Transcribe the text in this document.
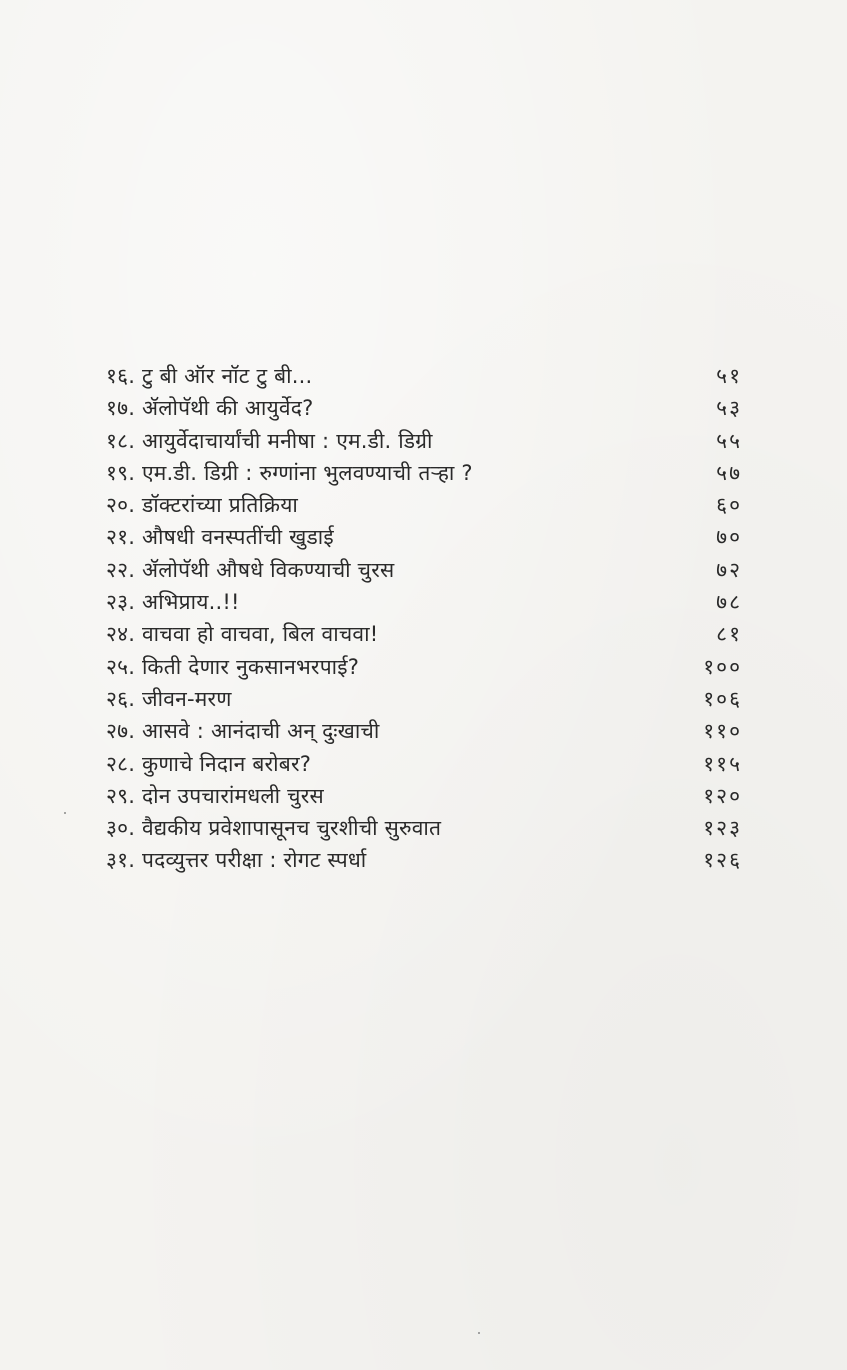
१६. टु बी ऑर नॉट टु बी...	५१
१७. ॲलोपॅथी की आयुर्वेद?	५३
१८. आयुर्वेदाचार्यांची मनीषा : एम.डी. डिग्री	५५
१९. एम.डी. डिग्री : रुग्णांना भुलवण्याची तऱ्हा ?	५७
२०. डॉक्टरांच्या प्रतिक्रिया	६०
२१. औषधी वनस्पतींची खुडाई	७०
२२. ॲलोपॅथी औषधे विकण्याची चुरस	७२
२३. अभिप्राय..!!	७८
२४. वाचवा हो वाचवा, बिल वाचवा!	८१
२५. किती देणार नुकसानभरपाई?	१००
२६. जीवन-मरण	१०६
२७. आसवे : आनंदाची अन् दुःखाची	११०
२८. कुणाचे निदान बरोबर?	११५
२९. दोन उपचारांमधली चुरस	१२०
३०. वैद्यकीय प्रवेशापासूनच चुरशीची सुरुवात	१२३
३१. पदव्युत्तर परीक्षा : रोगट स्पर्धा	१२६
